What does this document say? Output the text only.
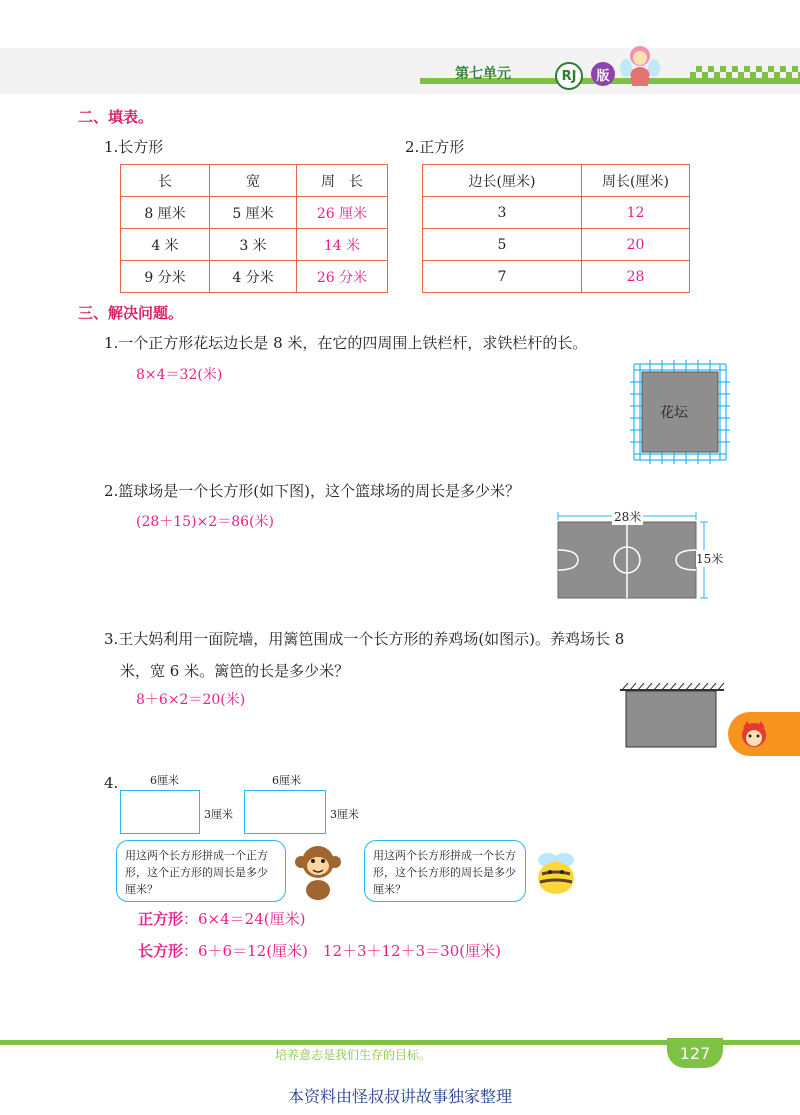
第七单元	RJ	版
二、填表。
1.长方形	2.正方形
长	宽	周　长
8 厘米	5 厘米	26 厘米
4 米	3 米	14 米
9 分米	4 分米	26 分米
边长(厘米)	周长(厘米)
3	12
5	20
7	28
三、解决问题。
1.一个正方形花坛边长是 8 米，在它的四周围上铁栏杆，求铁栏杆的长。
8×4＝32(米)
花坛
2.篮球场是一个长方形(如下图)，这个篮球场的周长是多少米？
(28＋15)×2＝86(米)	28米
15米
3.王大妈利用一面院墙，用篱笆围成一个长方形的养鸡场(如图示)。养鸡场长 8
米，宽 6 米。篱笆的长是多少米？
8＋6×2＝20(米)
4.	6厘米
3厘米
6厘米
3厘米
用这两个长方形拼成一个正方形，这个正方形的周长是多少厘米？
用这两个长方形拼成一个长方形，这个长方形的周长是多少厘米？
正方形：6×4＝24(厘米)
长方形：6＋6＝12(厘米)　12＋3＋12＋3＝30(厘米)
培养意志是我们生存的目标。	127
本资料由怪叔叔讲故事独家整理
